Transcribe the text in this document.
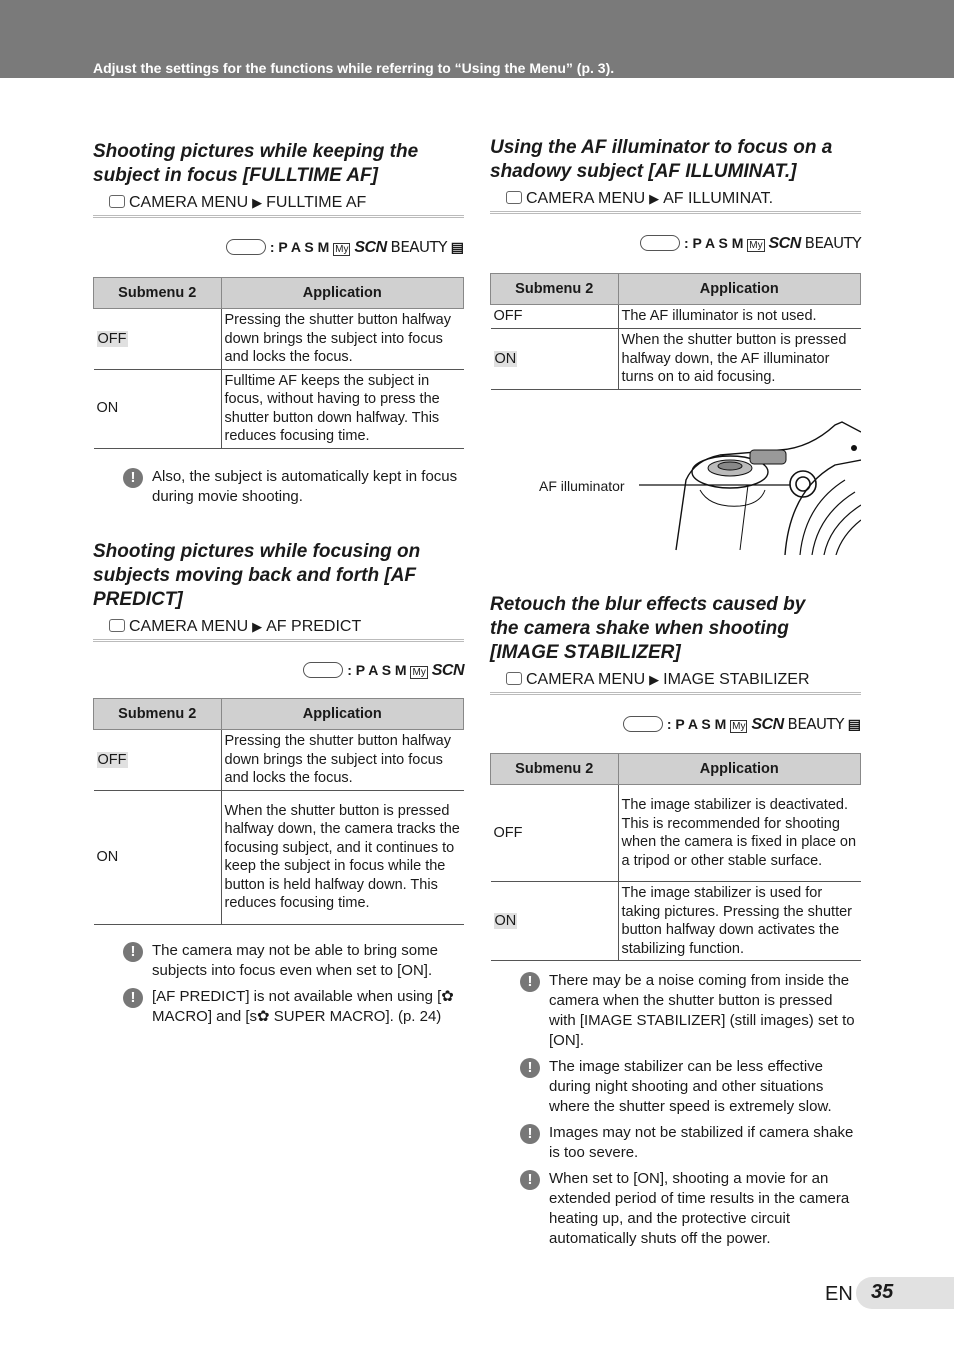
Adjust the settings for the functions while referring to “Using the Menu” (p. 3).

Shooting pictures while keeping the subject in focus [FULLTIME AF]

CAMERA MENU ▶ FULLTIME AF
: P A S M My SCN BEAUTY ▤
Submenu 2	Application
OFF	Pressing the shutter button halfway down brings the subject into focus and locks the focus.
ON	Fulltime AF keeps the subject in focus, without having to press the shutter button down halfway. This reduces focusing time.
!	Also, the subject is automatically kept in focus during movie shooting.

Shooting pictures while focusing on subjects moving back and forth [AF PREDICT]

CAMERA MENU ▶ AF PREDICT
: P A S M My SCN
Submenu 2	Application
OFF	Pressing the shutter button halfway down brings the subject into focus and locks the focus.
ON	When the shutter button is pressed halfway down, the camera tracks the focusing subject, and it continues to keep the subject in focus while the button is held halfway down. This reduces focusing time.
!	The camera may not be able to bring some subjects into focus even when set to [ON].
!	[AF PREDICT] is not available when using [✿ MACRO] and [s✿ SUPER MACRO]. (p. 24)

Using the AF illuminator to focus on a shadowy subject [AF ILLUMINAT.]

CAMERA MENU ▶ AF ILLUMINAT.
: P A S M My SCN BEAUTY
Submenu 2	Application
OFF	The AF illuminator is not used.
ON	When the shutter button is pressed halfway down, the AF illuminator turns on to aid focusing.
AF illuminator

Retouch the blur effects caused by the camera shake when shooting [IMAGE STABILIZER]

CAMERA MENU ▶ IMAGE STABILIZER
: P A S M My SCN BEAUTY ▤
Submenu 2	Application
OFF	The image stabilizer is deactivated. This is recommended for shooting when the camera is fixed in place on a tripod or other stable surface.
ON	The image stabilizer is used for taking pictures. Pressing the shutter button halfway down activates the stabilizing function.
!	There may be a noise coming from inside the camera when the shutter button is pressed with [IMAGE STABILIZER] (still images) set to [ON].
!	The image stabilizer can be less effective during night shooting and other situations where the shutter speed is extremely slow.
!	Images may not be stabilized if camera shake is too severe.
!	When set to [ON], shooting a movie for an extended period of time results in the camera heating up, and the protective circuit automatically shuts off the power.
EN 35
